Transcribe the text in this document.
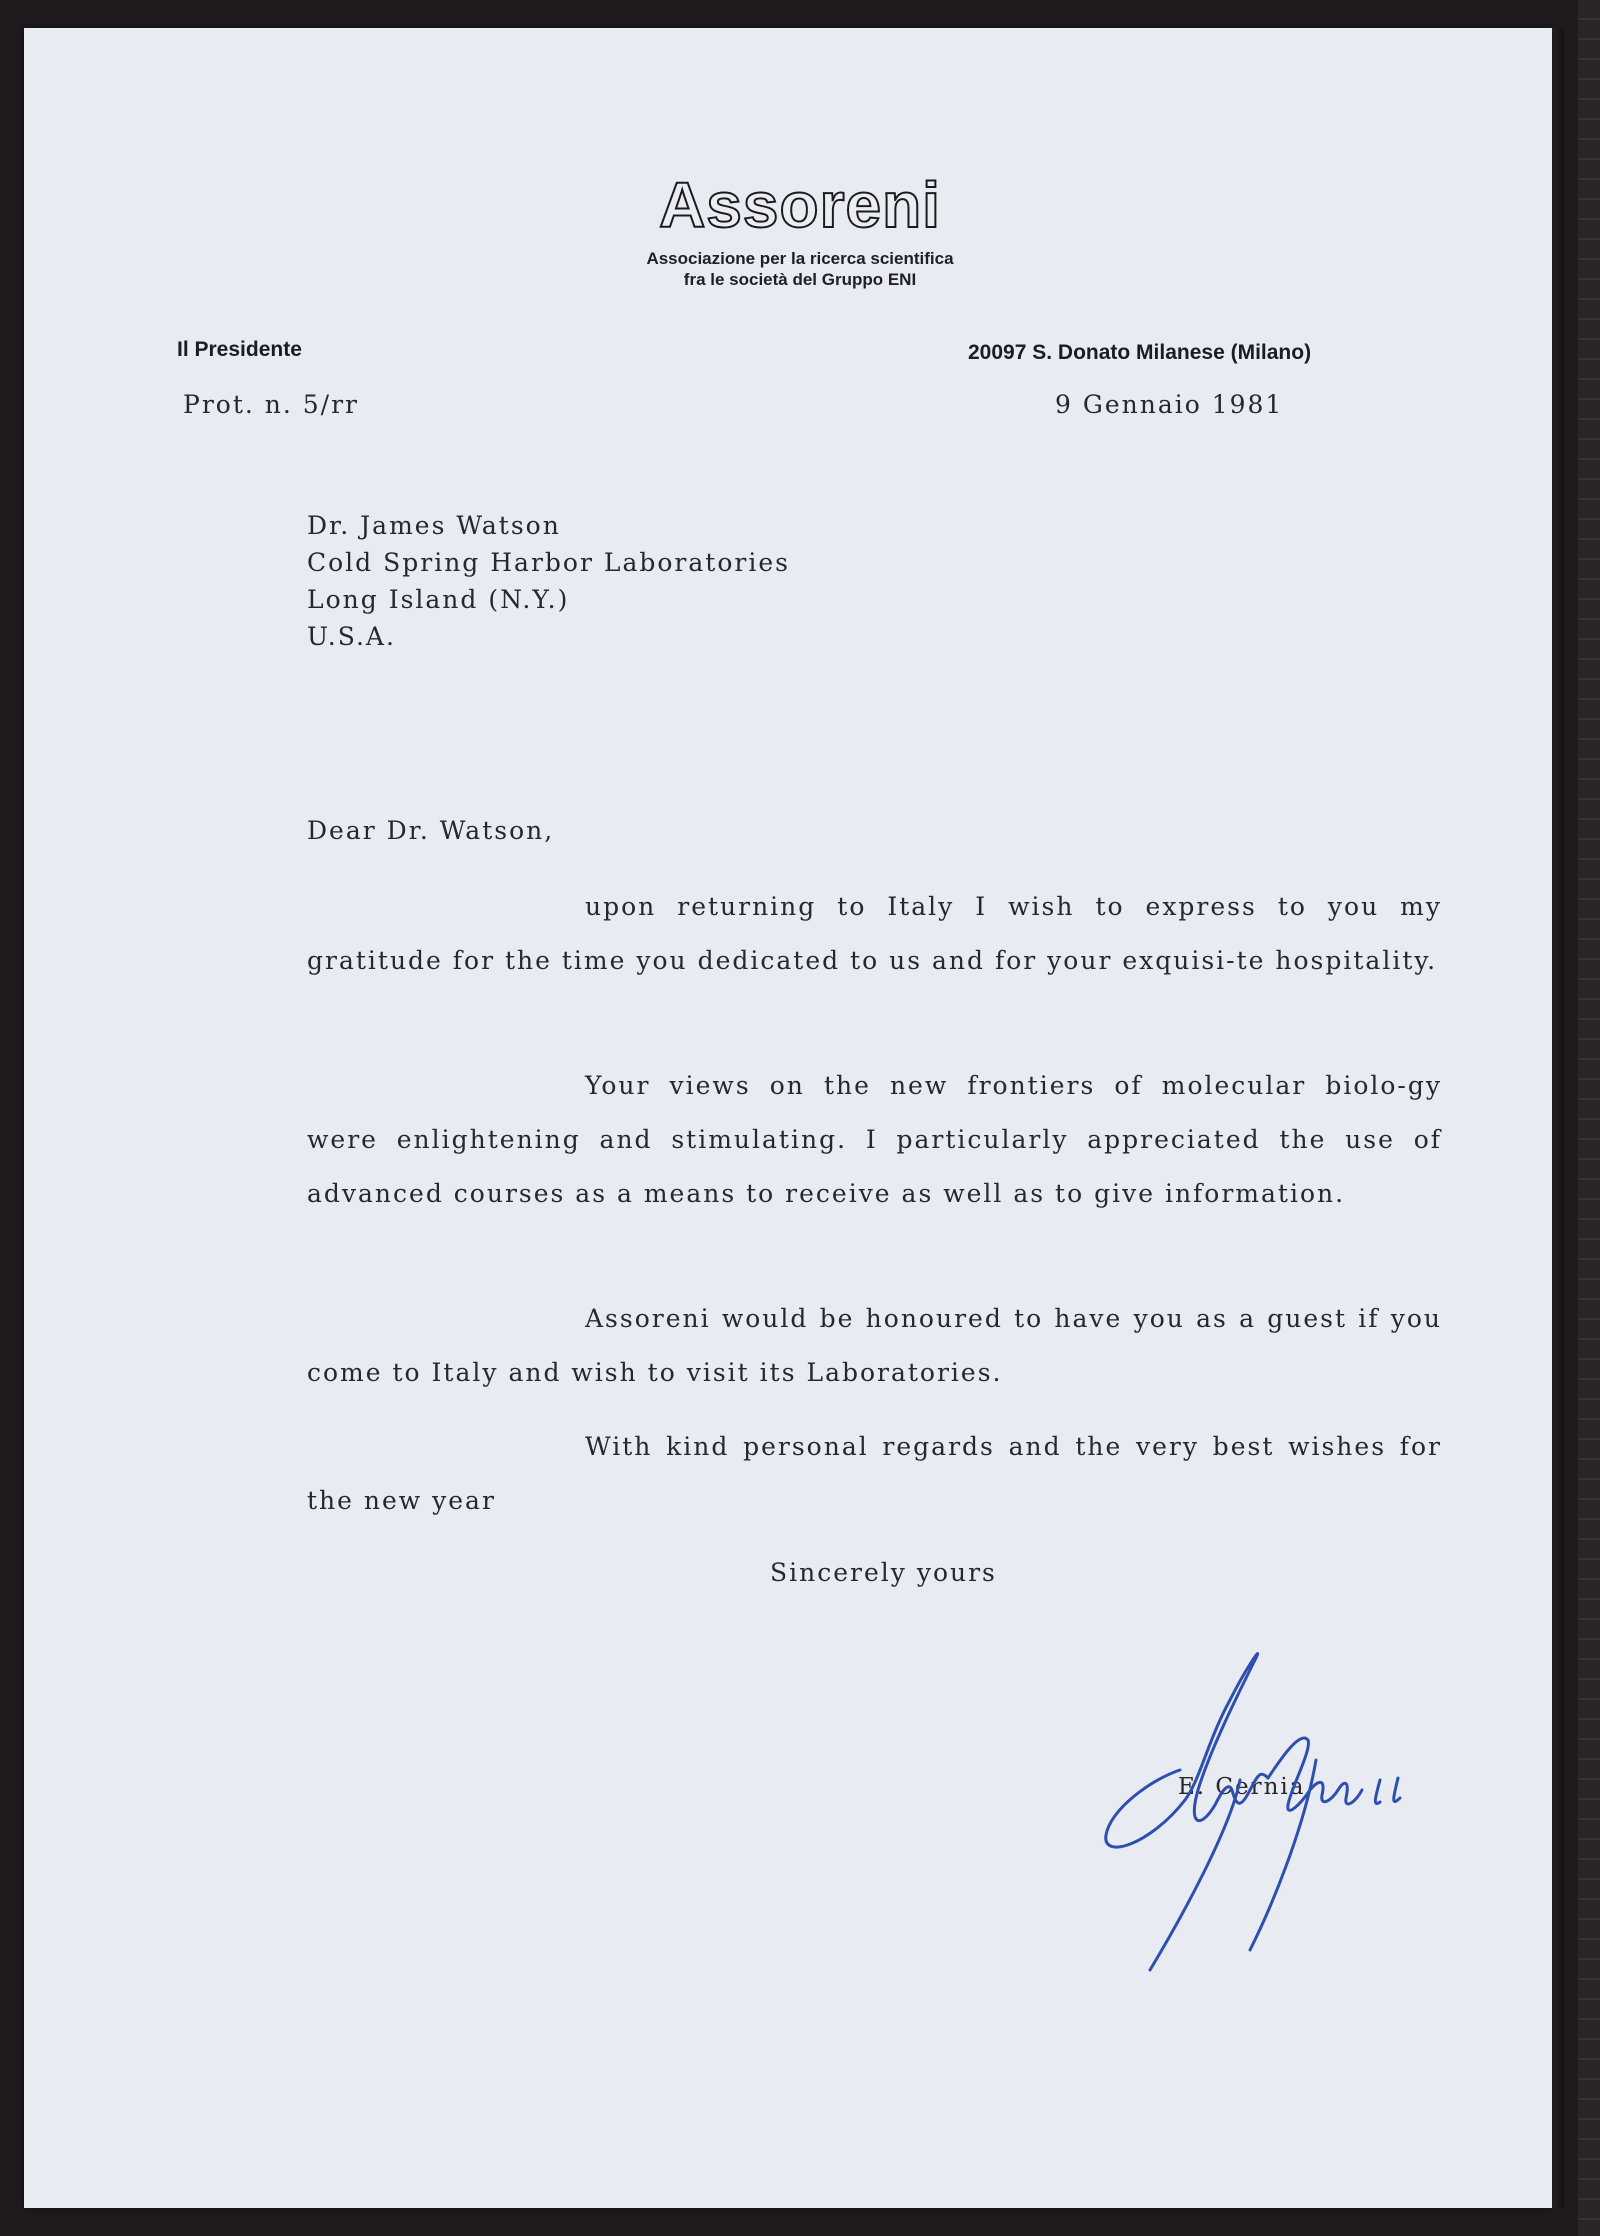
Assoreni
Associazione per la ricerca scientifica
fra le società del Gruppo ENI
Il Presidente	20097 S. Donato Milanese (Milano)
Prot. n. 5/rr	9 Gennaio 1981
Dr. James Watson
Cold Spring Harbor Laboratories
Long Island (N.Y.)
U.S.A.
Dear Dr. Watson,

upon returning to Italy I wish to express to you my gratitude for the time you dedicated to us and for your exquisi-te hospitality.

Your views on the new frontiers of molecular biolo-gy were enlightening and stimulating. I particularly appreciated the use of advanced courses as a means to receive as well as to give information.

Assoreni would be honoured to have you as a guest if you come to Italy and wish to visit its Laboratories.

With kind personal regards and the very best wishes for the new year

Sincerely yours
E. Cernia
